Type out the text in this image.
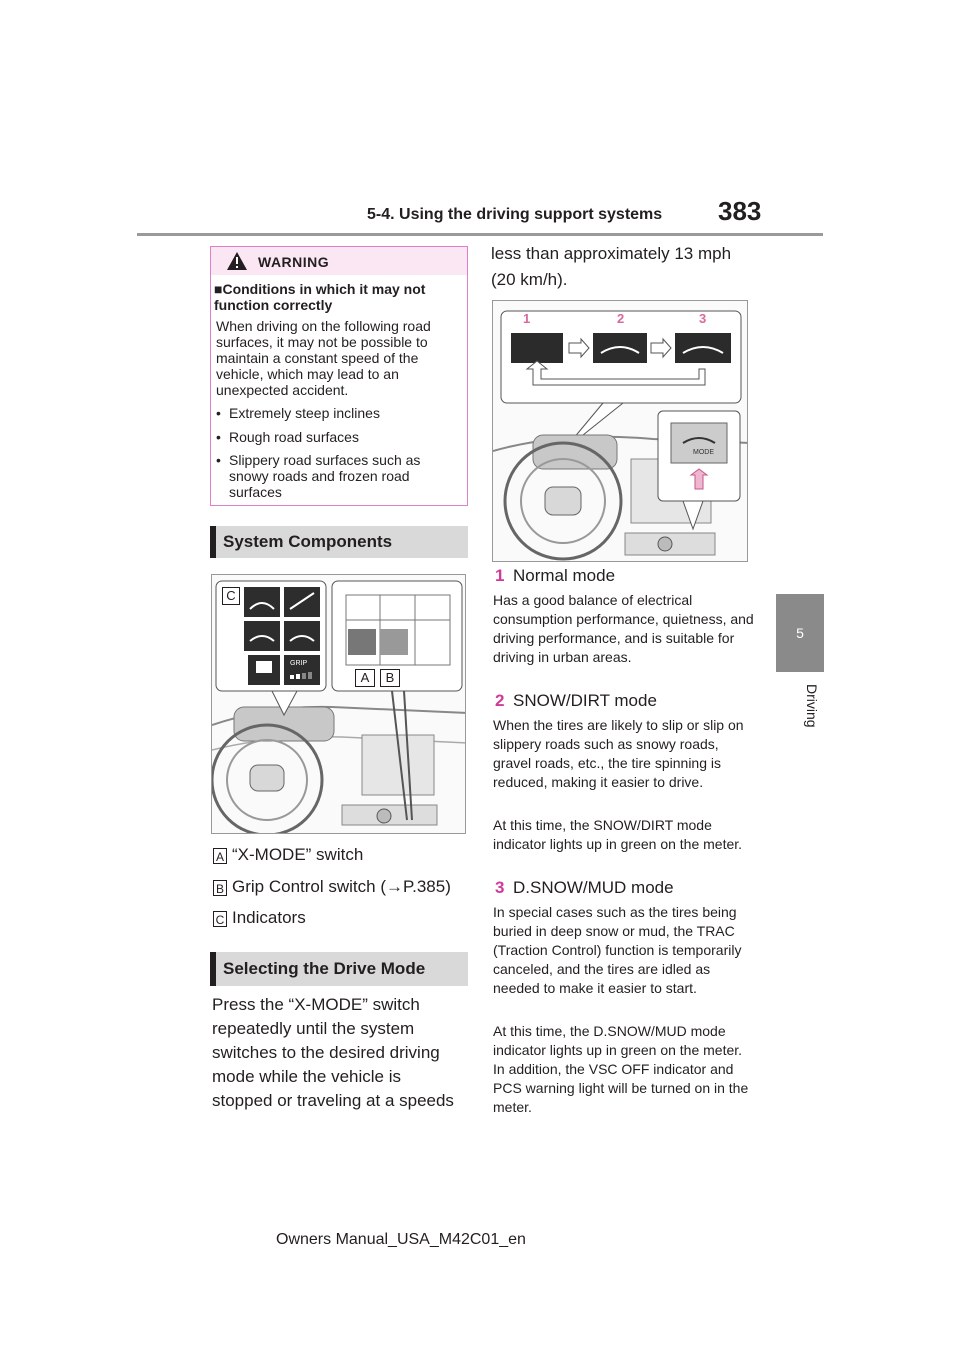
5-4. Using the driving support systems 383
5
Driving
WARNING
■Conditions in which it may not function correctly
When driving on the following road surfaces, it may not be possible to maintain a constant speed of the vehicle, which may lead to an unexpected accident.
• Extremely steep inclines
• Rough road surfaces
• Slippery road surfaces such as snowy roads and frozen road surfaces
System Components
C
GRIP
A	B
A “X-MODE” switch
B Grip Control switch (→P.385)
C Indicators
Selecting the Drive Mode
Press the “X-MODE” switch repeatedly until the system switches to the desired driving mode while the vehicle is stopped or traveling at a speeds
less than approximately 13 mph (20 km/h).
1	2	3
MODE
1 Normal mode
Has a good balance of electrical consumption performance, quietness, and driving performance, and is suitable for driving in urban areas.
2 SNOW/DIRT mode
When the tires are likely to slip or slip on slippery roads such as snowy roads, gravel roads, etc., the tire spinning is reduced, making it easier to drive.
At this time, the SNOW/DIRT mode indicator lights up in green on the meter.
3 D.SNOW/MUD mode
In special cases such as the tires being buried in deep snow or mud, the TRAC (Traction Control) function is temporarily canceled, and the tires are idled as needed to make it easier to start.
At this time, the D.SNOW/MUD mode indicator lights up in green on the meter. In addition, the VSC OFF indicator and PCS warning light will be turned on in the meter.
Owners Manual_USA_M42C01_en
